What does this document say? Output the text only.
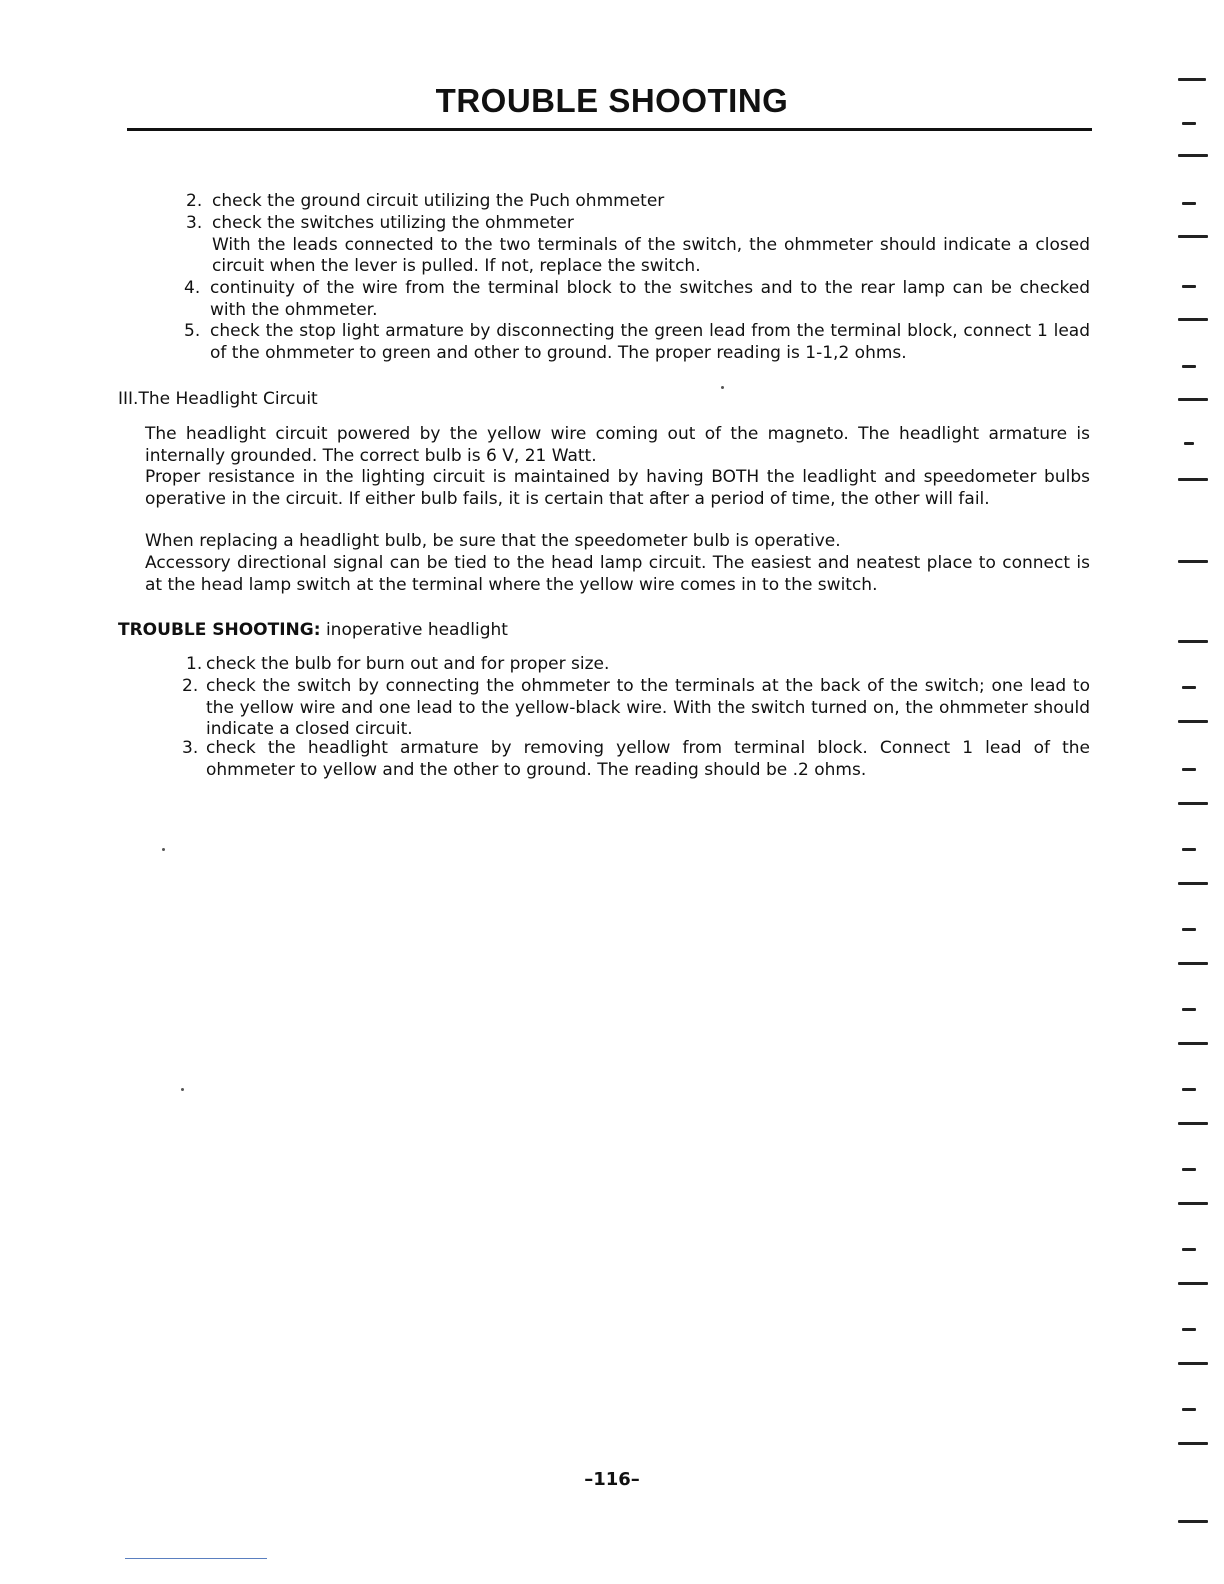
TROUBLE SHOOTING
2. check the ground circuit utilizing the Puch ohmmeter
3. check the switches utilizing the ohmmeter
With the leads connected to the two terminals of the switch, the ohmmeter should indicate a closed circuit when the lever is pulled. If not, replace the switch.
4. continuity of the wire from the terminal block to the switches and to the rear lamp can be checked with the ohmmeter.
5. check the stop light armature by disconnecting the green lead from the terminal block, connect 1 lead of the ohmmeter to green and other to ground. The proper reading is 1-1,2 ohms.
III.The Headlight Circuit
The headlight circuit powered by the yellow wire coming out of the magneto. The headlight armature is internally grounded. The correct bulb is 6 V, 21 Watt.
Proper resistance in the lighting circuit is maintained by having BOTH the leadlight and speedometer bulbs operative in the circuit. If either bulb fails, it is certain that after a period of time, the other will fail.
When replacing a headlight bulb, be sure that the speedometer bulb is operative.
Accessory directional signal can be tied to the head lamp circuit. The easiest and neatest place to connect is at the head lamp switch at the terminal where the yellow wire comes in to the switch.
TROUBLE SHOOTING: inoperative headlight
1. check the bulb for burn out and for proper size.
2. check the switch by connecting the ohmmeter to the terminals at the back of the switch; one lead to the yellow wire and one lead to the yellow-black wire. With the switch turned on, the ohmmeter should indicate a closed circuit.
3. check the headlight armature by removing yellow from terminal block. Connect 1 lead of the ohmmeter to yellow and the other to ground. The reading should be .2 ohms.
–116–
